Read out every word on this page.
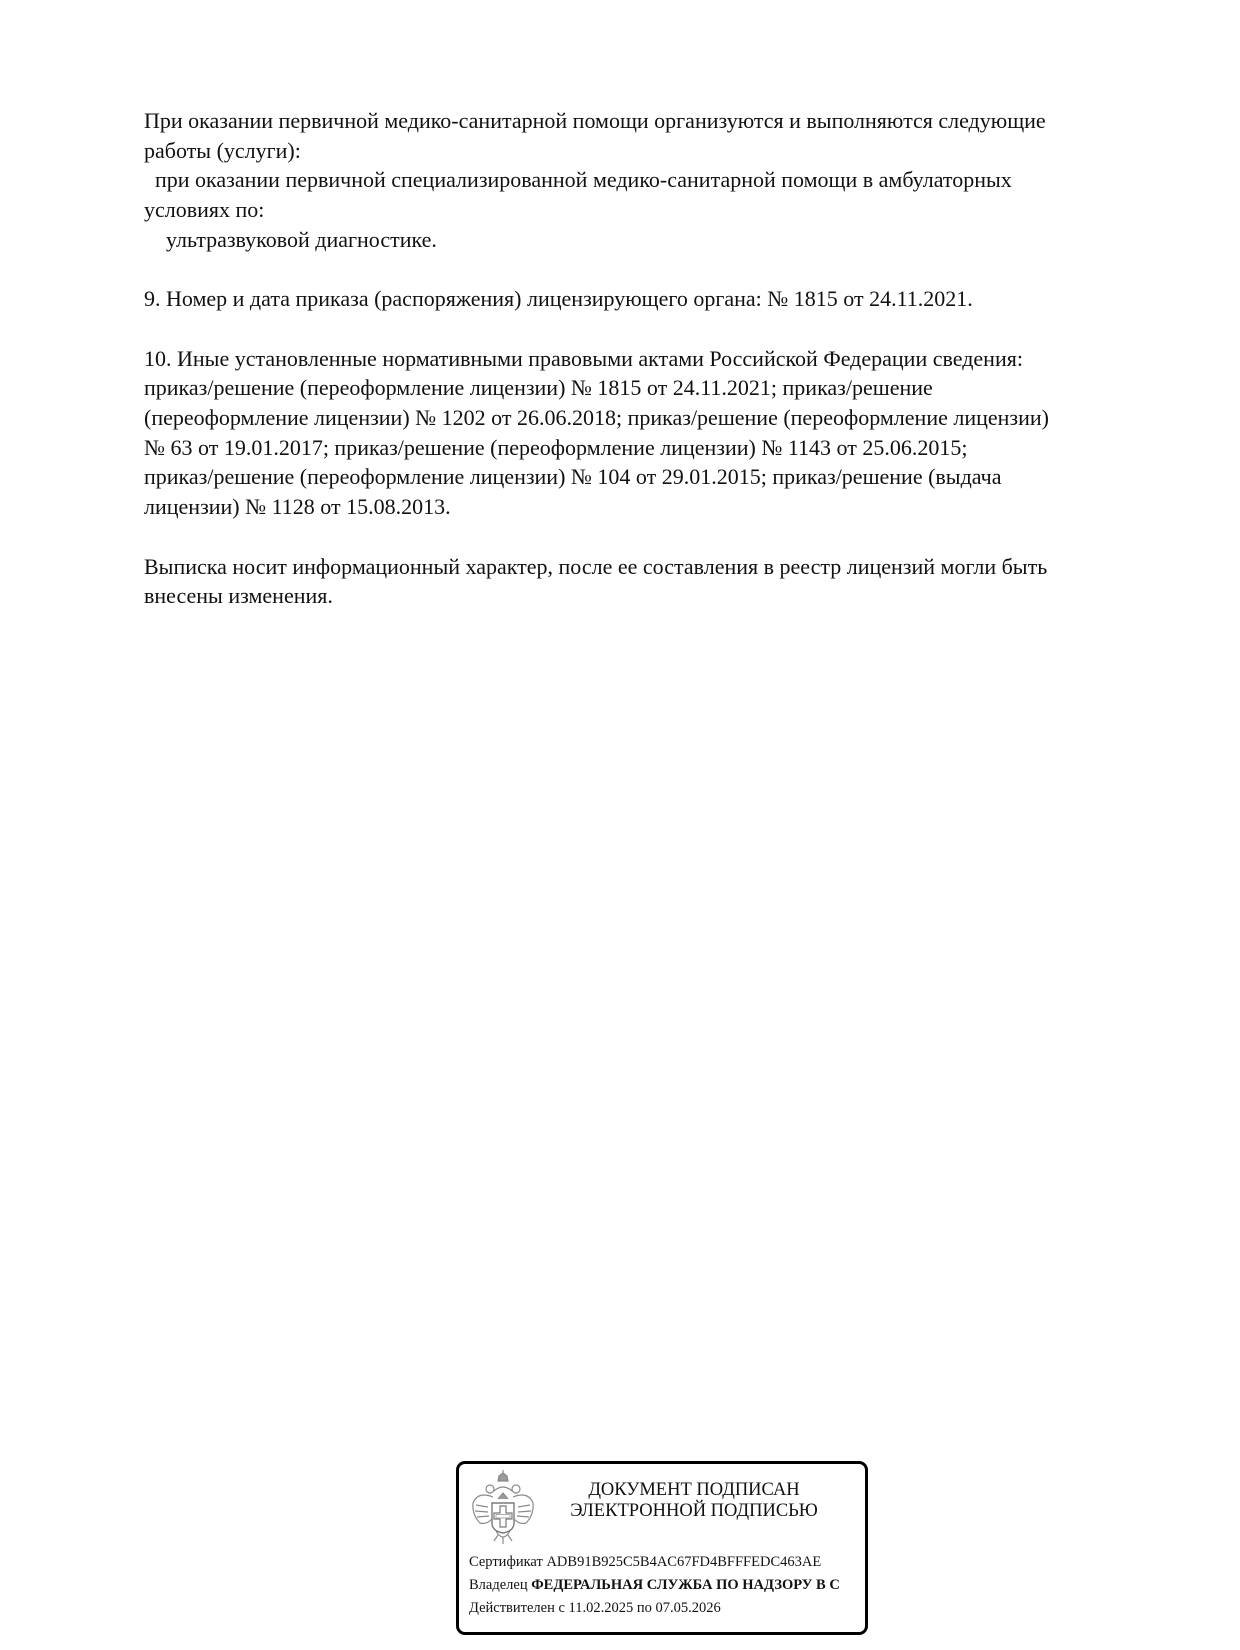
При оказании первичной медико-санитарной помощи организуются и выполняются следующие

работы (услуги):

при оказании первичной специализированной медико-санитарной помощи в амбулаторных

условиях по:

ультразвуковой диагностике.

9. Номер и дата приказа (распоряжения) лицензирующего органа: № 1815 от 24.11.2021.

10. Иные установленные нормативными правовыми актами Российской Федерации сведения:

приказ/решение (переоформление лицензии) № 1815 от 24.11.2021; приказ/решение

(переоформление лицензии) № 1202 от 26.06.2018; приказ/решение (переоформление лицензии)

№ 63 от 19.01.2017; приказ/решение (переоформление лицензии) № 1143 от 25.06.2015;

приказ/решение (переоформление лицензии) № 104 от 29.01.2015; приказ/решение (выдача

лицензии) № 1128 от 15.08.2013.

Выписка носит информационный характер, после ее составления в реестр лицензий могли быть

внесены изменения.

ДОКУМЕНТ ПОДПИСАН
ЭЛЕКТРОННОЙ ПОДПИСЬЮ
Сертификат ADB91B925C5B4AC67FD4BFFFEDC463AE
Владелец ФЕДЕРАЛЬНАЯ СЛУЖБА ПО НАДЗОРУ В С
Действителен с 11.02.2025 по 07.05.2026
